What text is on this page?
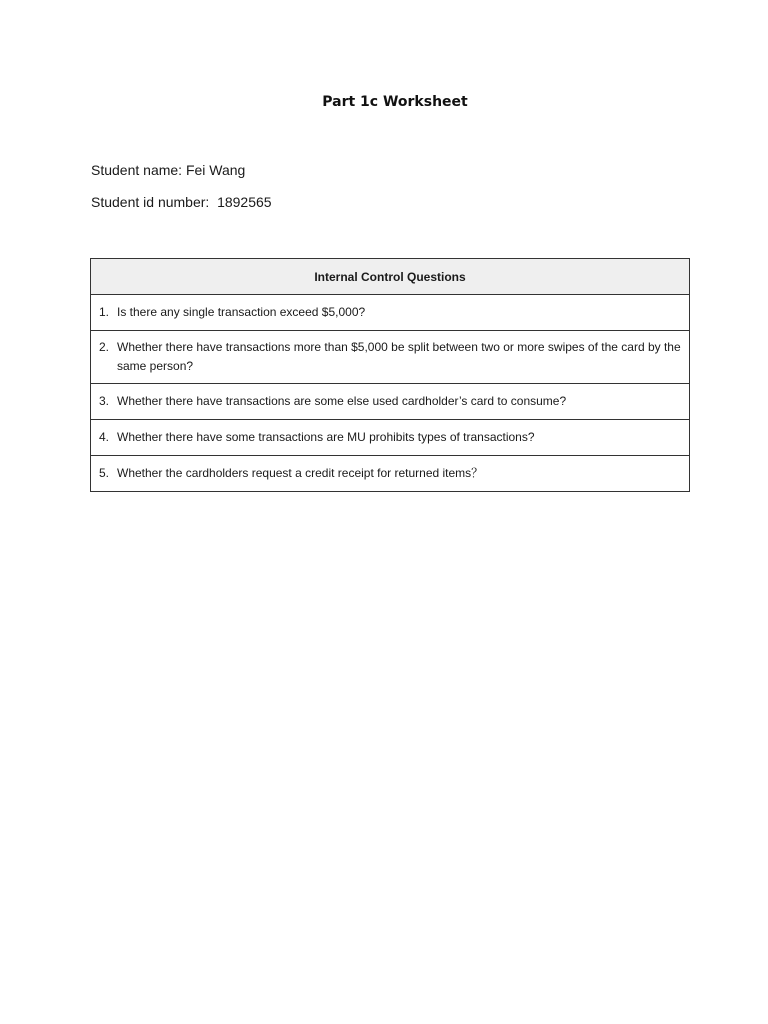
Part 1c Worksheet
Student name: Fei Wang
Student id number: 1892565
Internal Control Questions

1. Is there any single transaction exceed $5,000?

2. Whether there have transactions more than $5,000 be split between two or more swipes of the card by the same person?

3. Whether there have transactions are some else used cardholder’s card to consume?

4. Whether there have some transactions are MU prohibits types of transactions?

5. Whether the cardholders request a credit receipt for returned items？
